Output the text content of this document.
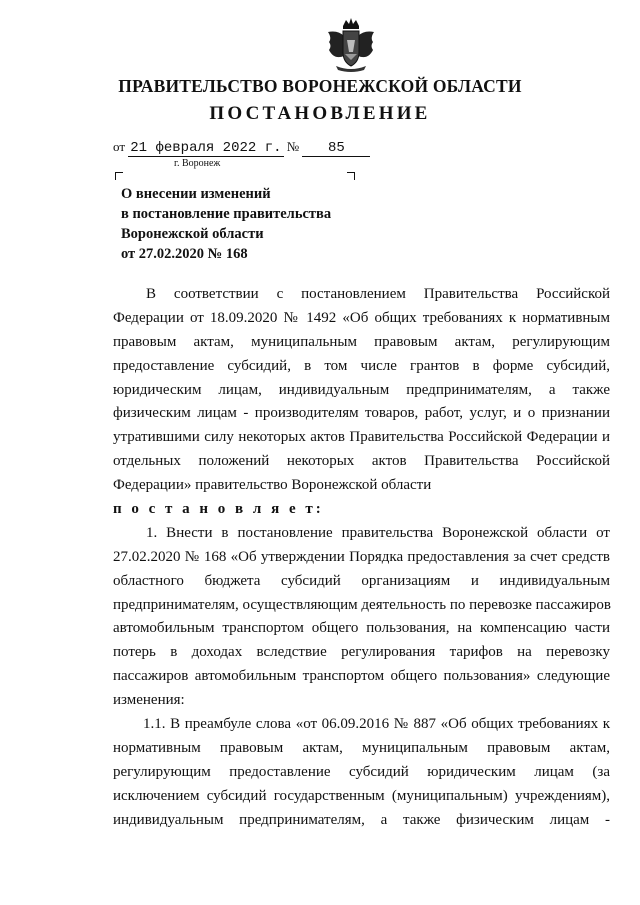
ПРАВИТЕЛЬСТВО ВОРОНЕЖСКОЙ ОБЛАСТИ
ПОСТАНОВЛЕНИЕ
от 21 февраля 2022 г. № 85
г. Воронеж
О внесении изменений
в постановление правительства
Воронежской области
от 27.02.2020 № 168
В соответствии с постановлением Правительства Российской
Федерации от 18.09.2020 № 1492 «Об общих требованиях к нормативным
правовым актам, муниципальным правовым актам, регулирующим
предоставление субсидий, в том числе грантов в форме субсидий,
юридическим лицам, индивидуальным предпринимателям, а также
физическим лицам - производителям товаров, работ, услуг, и о признании
утратившими силу некоторых актов Правительства Российской Федерации и
отдельных положений некоторых актов Правительства Российской
Федерации» правительство Воронежской области
п о с т а н о в л я е т:
1. Внести в постановление правительства Воронежской области от
27.02.2020 № 168 «Об утверждении Порядка предоставления за счет средств
областного бюджета субсидий организациям и индивидуальным
предпринимателям, осуществляющим деятельность по перевозке пассажиров
автомобильным транспортом общего пользования, на компенсацию части
потерь в доходах вследствие регулирования тарифов на перевозку
пассажиров автомобильным транспортом общего пользования» следующие
изменения:
1.1. В преамбуле слова «от 06.09.2016 № 887 «Об общих требованиях к
нормативным правовым актам, муниципальным правовым актам,
регулирующим предоставление субсидий юридическим лицам (за
исключением субсидий государственным (муниципальным) учреждениям),
индивидуальным предпринимателям, а также физическим лицам -
